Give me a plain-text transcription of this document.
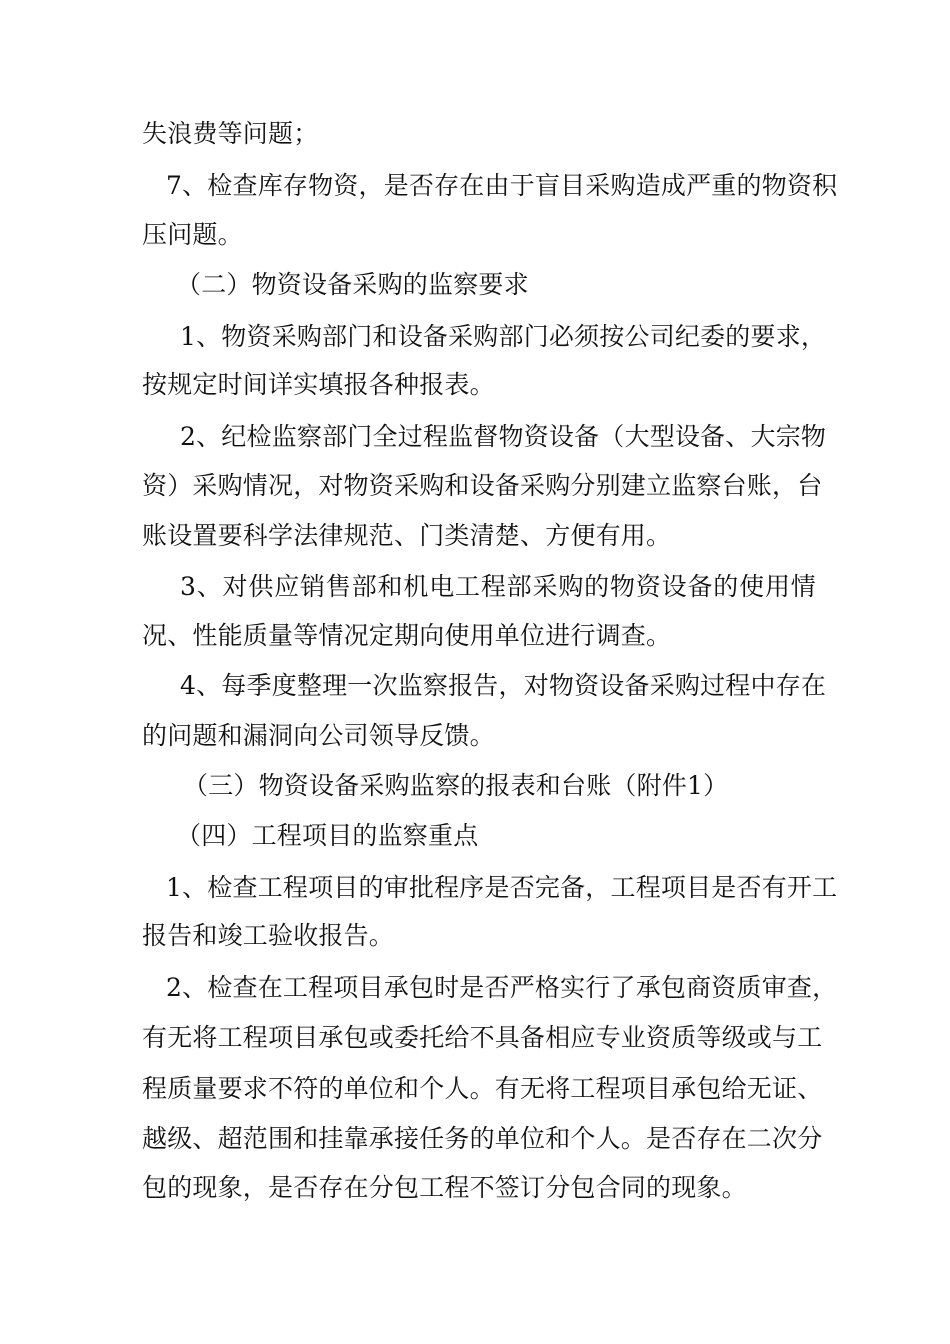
失浪费等问题；
7、检查库存物资，是否存在由于盲目采购造成严重的物资积
压问题。
（二）物资设备采购的监察要求
1、物资采购部门和设备采购部门必须按公司纪委的要求，
按规定时间详实填报各种报表。
2、纪检监察部门全过程监督物资设备（大型设备、大宗物
资）采购情况，对物资采购和设备采购分别建立监察台账，台
账设置要科学法律规范、门类清楚、方便有用。
3、对供应销售部和机电工程部采购的物资设备的使用情
况、性能质量等情况定期向使用单位进行调查。
4、每季度整理一次监察报告，对物资设备采购过程中存在
的问题和漏洞向公司领导反馈。
（三）物资设备采购监察的报表和台账（附件1）
（四）工程项目的监察重点
1、检查工程项目的审批程序是否完备，工程项目是否有开工
报告和竣工验收报告。
2、检查在工程项目承包时是否严格实行了承包商资质审查，
有无将工程项目承包或委托给不具备相应专业资质等级或与工
程质量要求不符的单位和个人。有无将工程项目承包给无证、
越级、超范围和挂靠承接任务的单位和个人。是否存在二次分
包的现象，是否存在分包工程不签订分包合同的现象。
